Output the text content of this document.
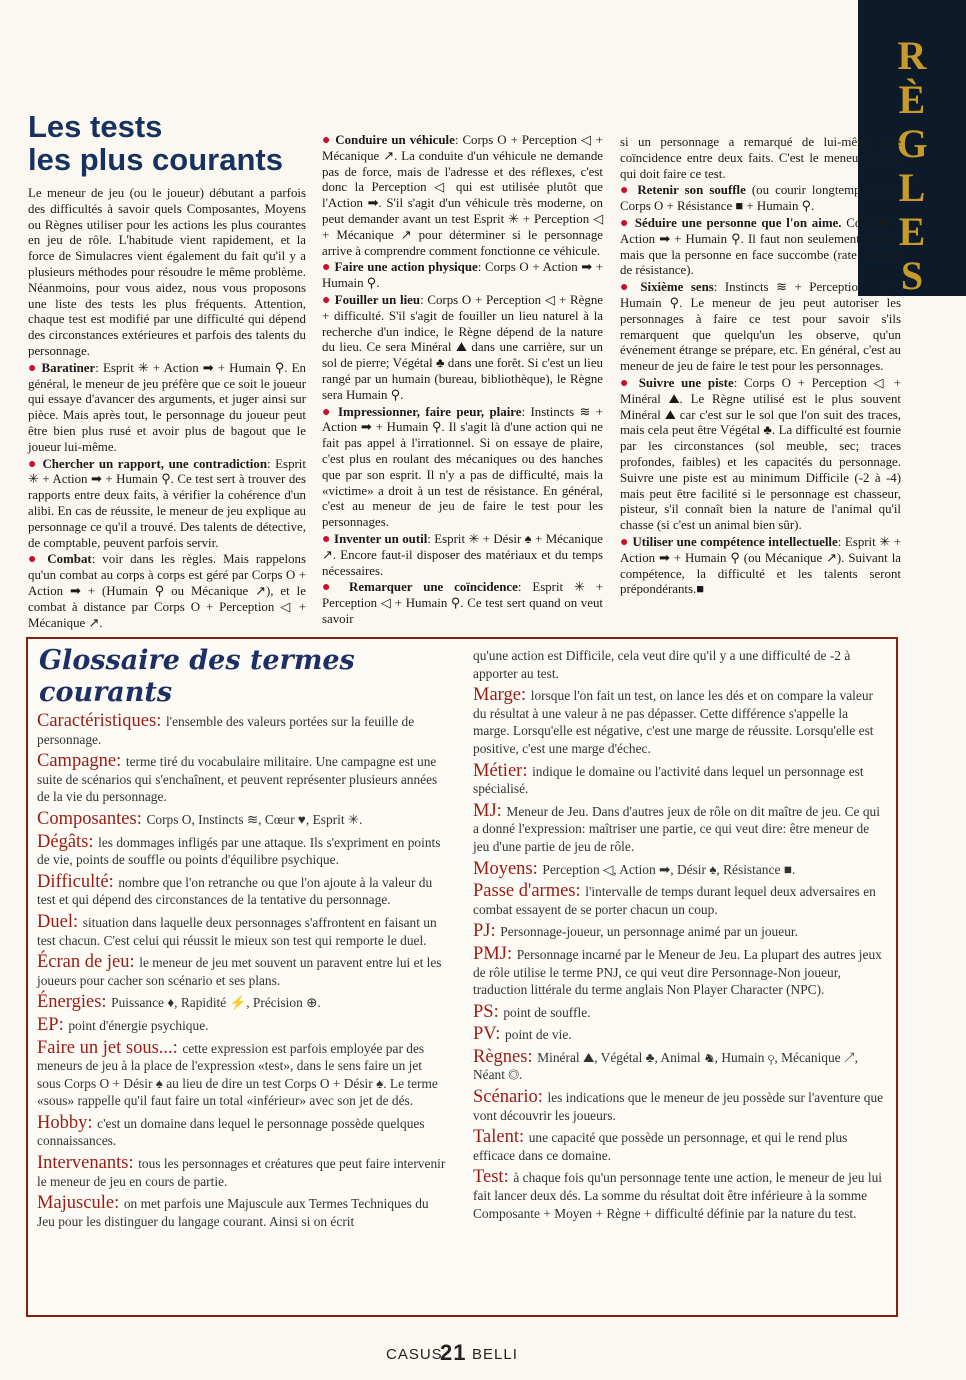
R
È
G
L
E
S
Les tests
les plus courants

Le meneur de jeu (ou le joueur) débutant a parfois des difficultés à savoir quels Composantes, Moyens ou Règnes utiliser pour les actions les plus courantes en jeu de rôle. L'habitude vient rapidement, et la force de Simulacres vient également du fait qu'il y a plusieurs méthodes pour résoudre le même problème. Néanmoins, pour vous aidez, nous vous proposons une liste des tests les plus fréquents. Attention, chaque test est modifié par une difficulté qui dépend des circonstances extérieures et parfois des talents du personnage.

● Baratiner: Esprit ✳ + Action ➡ + Humain ⚲. En général, le meneur de jeu préfère que ce soit le joueur qui essaye d'avancer des arguments, et juger ainsi sur pièce. Mais après tout, le personnage du joueur peut être bien plus rusé et avoir plus de bagout que le joueur lui-même.

● Chercher un rapport, une contradiction: Esprit ✳ + Action ➡ + Humain ⚲. Ce test sert à trouver des rapports entre deux faits, à vérifier la cohérence d'un alibi. En cas de réussite, le meneur de jeu explique au personnage ce qu'il a trouvé. Des talents de détective, de comptable, peuvent parfois servir.

● Combat: voir dans les règles. Mais rappelons qu'un combat au corps à corps est géré par Corps O + Action ➡ + (Humain ⚲ ou Mécanique ↗), et le combat à distance par Corps O + Perception ◁ + Mécanique ↗.

● Conduire un véhicule: Corps O + Perception ◁ + Mécanique ↗. La conduite d'un véhicule ne demande pas de force, mais de l'adresse et des réflexes, c'est donc la Perception ◁ qui est utilisée plutôt que l'Action ➡. S'il s'agit d'un véhicule très moderne, on peut demander avant un test Esprit ✳ + Perception ◁ + Mécanique ↗ pour déterminer si le personnage arrive à comprendre comment fonctionne ce véhicule.

● Faire une action physique: Corps O + Action ➡ + Humain ⚲.

● Fouiller un lieu: Corps O + Perception ◁ + Règne + difficulté. S'il s'agit de fouiller un lieu naturel à la recherche d'un indice, le Règne dépend de la nature du lieu. Ce sera Minéral ⛰ dans une carrière, sur un sol de pierre; Végétal ♣ dans une forêt. Si c'est un lieu rangé par un humain (bureau, bibliothèque), le Règne sera Humain ⚲.

● Impressionner, faire peur, plaire: Instincts ≋ + Action ➡ + Humain ⚲. Il s'agit là d'une action qui ne fait pas appel à l'irrationnel. Si on essaye de plaire, c'est plus en roulant des mécaniques ou des hanches que par son esprit. Il n'y a pas de difficulté, mais la «victime» a droit à un test de résistance. En général, c'est au meneur de jeu de faire le test pour les personnages.

● Inventer un outil: Esprit ✳ + Désir ♠ + Mécanique ↗. Encore faut-il disposer des matériaux et du temps nécessaires.

● Remarquer une coïncidence: Esprit ✳ + Perception ◁ + Humain ⚲. Ce test sert quand on veut savoir

si un personnage a remarqué de lui-même une coïncidence entre deux faits. C'est le meneur de jeu qui doit faire ce test.

● Retenir son souffle (ou courir longtemps, etc.): Corps O + Résistance ■ + Humain ⚲.

● Séduire une personne que l'on aime. Cœur ♥ + Action ➡ + Humain ⚲. Il faut non seulement réussir, mais que la personne en face succombe (rate son test de résistance).

● Sixième sens: Instincts ≋ + Perception ◁ + Humain ⚲. Le meneur de jeu peut autoriser les personnages à faire ce test pour savoir s'ils remarquent que quelqu'un les observe, qu'un événement étrange se prépare, etc. En général, c'est au meneur de jeu de faire le test pour les personnages.

● Suivre une piste: Corps O + Perception ◁ + Minéral ⛰. Le Règne utilisé est le plus souvent Minéral ⛰ car c'est sur le sol que l'on suit des traces, mais cela peut être Végétal ♣. La difficulté est fournie par les circonstances (sol meuble, sec; traces profondes, faibles) et les capacités du personnage. Suivre une piste est au minimum Difficile (-2 à -4) mais peut être facilité si le personnage est chasseur, pisteur, s'il connaît bien la nature de l'animal qu'il chasse (si c'est un animal bien sûr).

● Utiliser une compétence intellectuelle: Esprit ✳ + Action ➡ + Humain ⚲ (ou Mécanique ↗). Suivant la compétence, la difficulté et les talents seront prépondérants.■

Glossaire des termes courants
Caractéristiques: l'ensemble des valeurs portées sur la feuille de personnage.
Campagne: terme tiré du vocabulaire militaire. Une campagne est une suite de scénarios qui s'enchaînent, et peuvent représenter plusieurs années de la vie du personnage.
Composantes: Corps O, Instincts ≋, Cœur ♥, Esprit ✳.
Dégâts: les dommages infligés par une attaque. Ils s'expriment en points de vie, points de souffle ou points d'équilibre psychique.
Difficulté: nombre que l'on retranche ou que l'on ajoute à la valeur du test et qui dépend des circonstances de la tentative du personnage.
Duel: situation dans laquelle deux personnages s'affrontent en faisant un test chacun. C'est celui qui réussit le mieux son test qui remporte le duel.
Écran de jeu: le meneur de jeu met souvent un paravent entre lui et les joueurs pour cacher son scénario et ses plans.
Énergies: Puissance ♦, Rapidité ⚡, Précision ⊕.
EP: point d'énergie psychique.
Faire un jet sous...: cette expression est parfois employée par des meneurs de jeu à la place de l'expression «test», dans le sens faire un jet sous Corps O + Désir ♠ au lieu de dire un test Corps O + Désir ♠. Le terme «sous» rappelle qu'il faut faire un total «inférieur» avec son jet de dés.
Hobby: c'est un domaine dans lequel le personnage possède quelques connaissances.
Intervenants: tous les personnages et créatures que peut faire intervenir le meneur de jeu en cours de partie.
Majuscule: on met parfois une Majuscule aux Termes Techniques du Jeu pour les distinguer du langage courant. Ainsi si on écrit
qu'une action est Difficile, cela veut dire qu'il y a une difficulté de -2 à apporter au test.
Marge: lorsque l'on fait un test, on lance les dés et on compare la valeur du résultat à une valeur à ne pas dépasser. Cette différence s'appelle la marge. Lorsqu'elle est négative, c'est une marge de réussite. Lorsqu'elle est positive, c'est une marge d'échec.
Métier: indique le domaine ou l'activité dans lequel un personnage est spécialisé.
MJ: Meneur de Jeu. Dans d'autres jeux de rôle on dit maître de jeu. Ce qui a donné l'expression: maîtriser une partie, ce qui veut dire: être meneur de jeu d'une partie de jeu de rôle.
Moyens: Perception ◁, Action ➡, Désir ♠, Résistance ■.
Passe d'armes: l'intervalle de temps durant lequel deux adversaires en combat essayent de se porter chacun un coup.
PJ: Personnage-joueur, un personnage animé par un joueur.
PMJ: Personnage incarné par le Meneur de Jeu. La plupart des autres jeux de rôle utilise le terme PNJ, ce qui veut dire Personnage-Non joueur, traduction littérale du terme anglais Non Player Character (NPC).
PS: point de souffle.
PV: point de vie.
Règnes: Minéral ⛰, Végétal ♣, Animal ♞, Humain ⚲, Mécanique ↗, Néant ◎.
Scénario: les indications que le meneur de jeu possède sur l'aventure que vont découvrir les joueurs.
Talent: une capacité que possède un personnage, et qui le rend plus efficace dans ce domaine.
Test: à chaque fois qu'un personnage tente une action, le meneur de jeu lui fait lancer deux dés. La somme du résultat doit être inférieure à la somme Composante + Moyen + Règne + difficulté définie par la nature du test.
CASUS
21 BELLI
